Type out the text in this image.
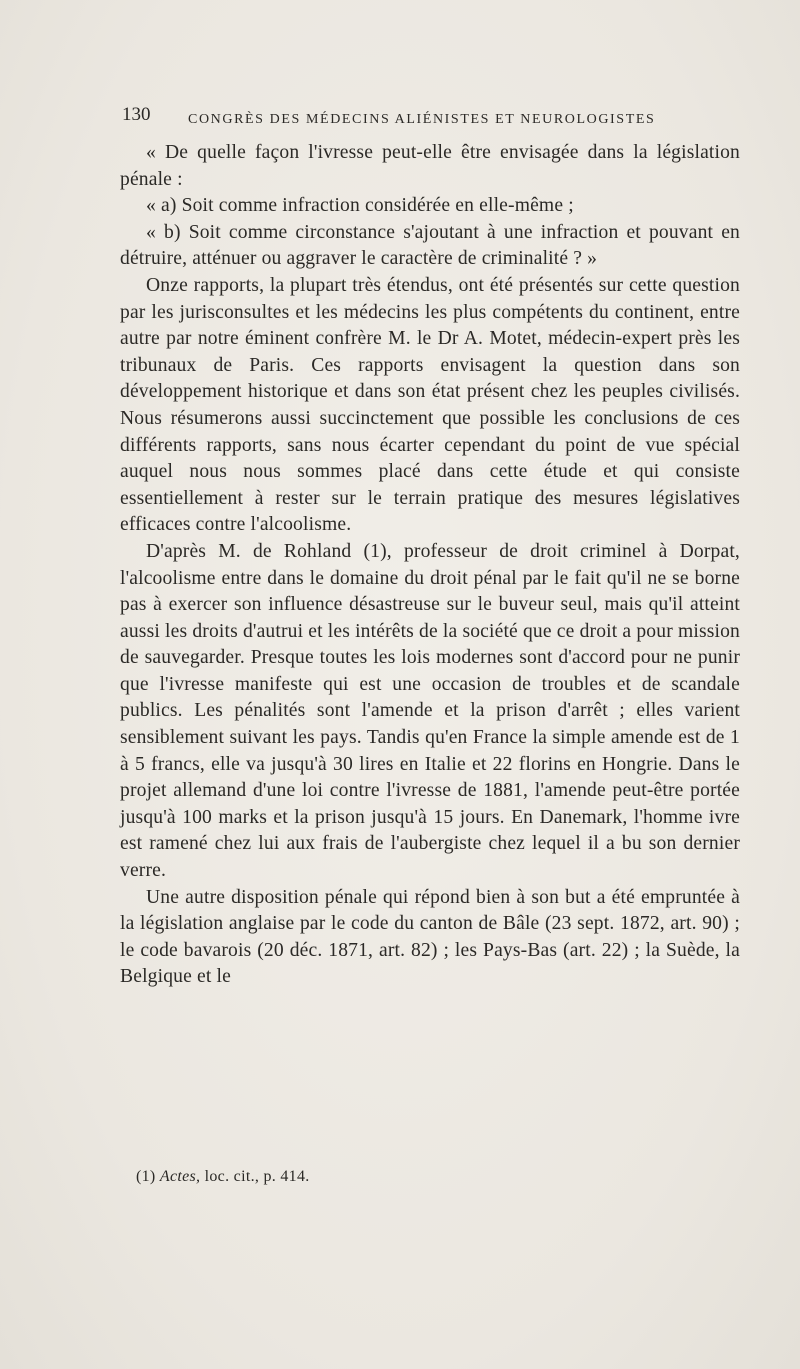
130	CONGRÈS DES MÉDECINS ALIÉNISTES ET NEUROLOGISTES

« De quelle façon l'ivresse peut-elle être envisagée dans la législation pénale :

« a) Soit comme infraction considérée en elle-même ;

« b) Soit comme circonstance s'ajoutant à une infraction et pouvant en détruire, atténuer ou aggraver le caractère de criminalité ? »

Onze rapports, la plupart très étendus, ont été présentés sur cette question par les jurisconsultes et les médecins les plus compétents du continent, entre autre par notre éminent confrère M. le Dr A. Motet, médecin-expert près les tribunaux de Paris. Ces rapports envisagent la question dans son développement historique et dans son état présent chez les peuples civilisés. Nous résumerons aussi succinctement que possible les conclusions de ces différents rapports, sans nous écarter cependant du point de vue spécial auquel nous nous sommes placé dans cette étude et qui consiste essentiellement à rester sur le terrain pratique des mesures législatives efficaces contre l'alcoolisme.

D'après M. de Rohland (1), professeur de droit criminel à Dorpat, l'alcoolisme entre dans le domaine du droit pénal par le fait qu'il ne se borne pas à exercer son influence désastreuse sur le buveur seul, mais qu'il atteint aussi les droits d'autrui et les intérêts de la société que ce droit a pour mission de sauvegarder. Presque toutes les lois modernes sont d'accord pour ne punir que l'ivresse manifeste qui est une occasion de troubles et de scandale publics. Les pénalités sont l'amende et la prison d'arrêt ; elles varient sensiblement suivant les pays. Tandis qu'en France la simple amende est de 1 à 5 francs, elle va jusqu'à 30 lires en Italie et 22 florins en Hongrie. Dans le projet allemand d'une loi contre l'ivresse de 1881, l'amende peut-être portée jusqu'à 100 marks et la prison jusqu'à 15 jours. En Danemark, l'homme ivre est ramené chez lui aux frais de l'aubergiste chez lequel il a bu son dernier verre.

Une autre disposition pénale qui répond bien à son but a été empruntée à la législation anglaise par le code du canton de Bâle (23 sept. 1872, art. 90) ; le code bavarois (20 déc. 1871, art. 82) ; les Pays-Bas (art. 22) ; la Suède, la Belgique et le

(1) Actes, loc. cit., p. 414.
